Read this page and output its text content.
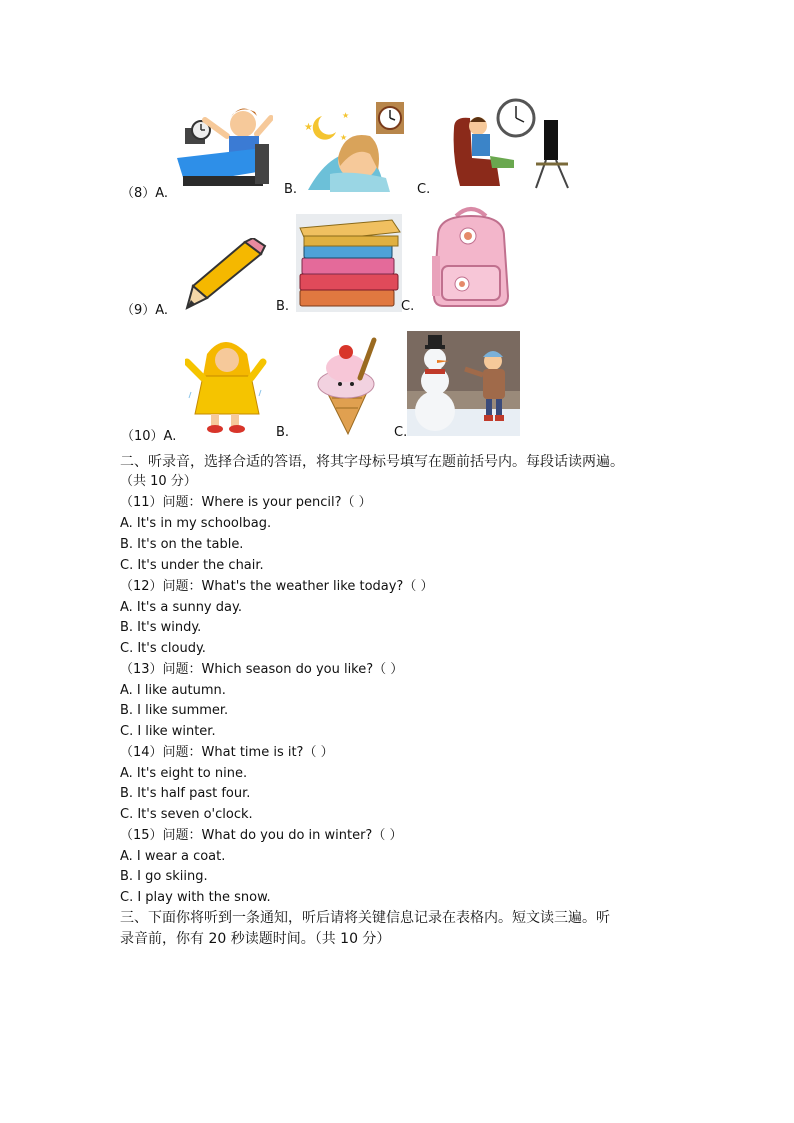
（8）A.
★
★
★
B.	C.
（9）A.	B.	C.
（10）A.	B.	C.
二、听录音，选择合适的答语，将其字母标号填写在题前括号内。每段话读两遍。
（共 10 分）
（11）问题：Where is your pencil?（ ）
A. It's in my schoolbag.
B. It's on the table.
C. It's under the chair.
（12）问题：What's the weather like today?（ ）
A. It's a sunny day.
B. It's windy.
C. It's cloudy.
（13）问题：Which season do you like?（ ）
A. I like autumn.
B. I like summer.
C. I like winter.
（14）问题：What time is it?（ ）
A. It's eight to nine.
B. It's half past four.
C. It's seven o'clock.
（15）问题：What do you do in winter?（ ）
A. I wear a coat.
B. I go skiing.
C. I play with the snow.
三、下面你将听到一条通知，听后请将关键信息记录在表格内。短文读三遍。听
录音前，你有 20 秒读题时间。（共 10 分）
